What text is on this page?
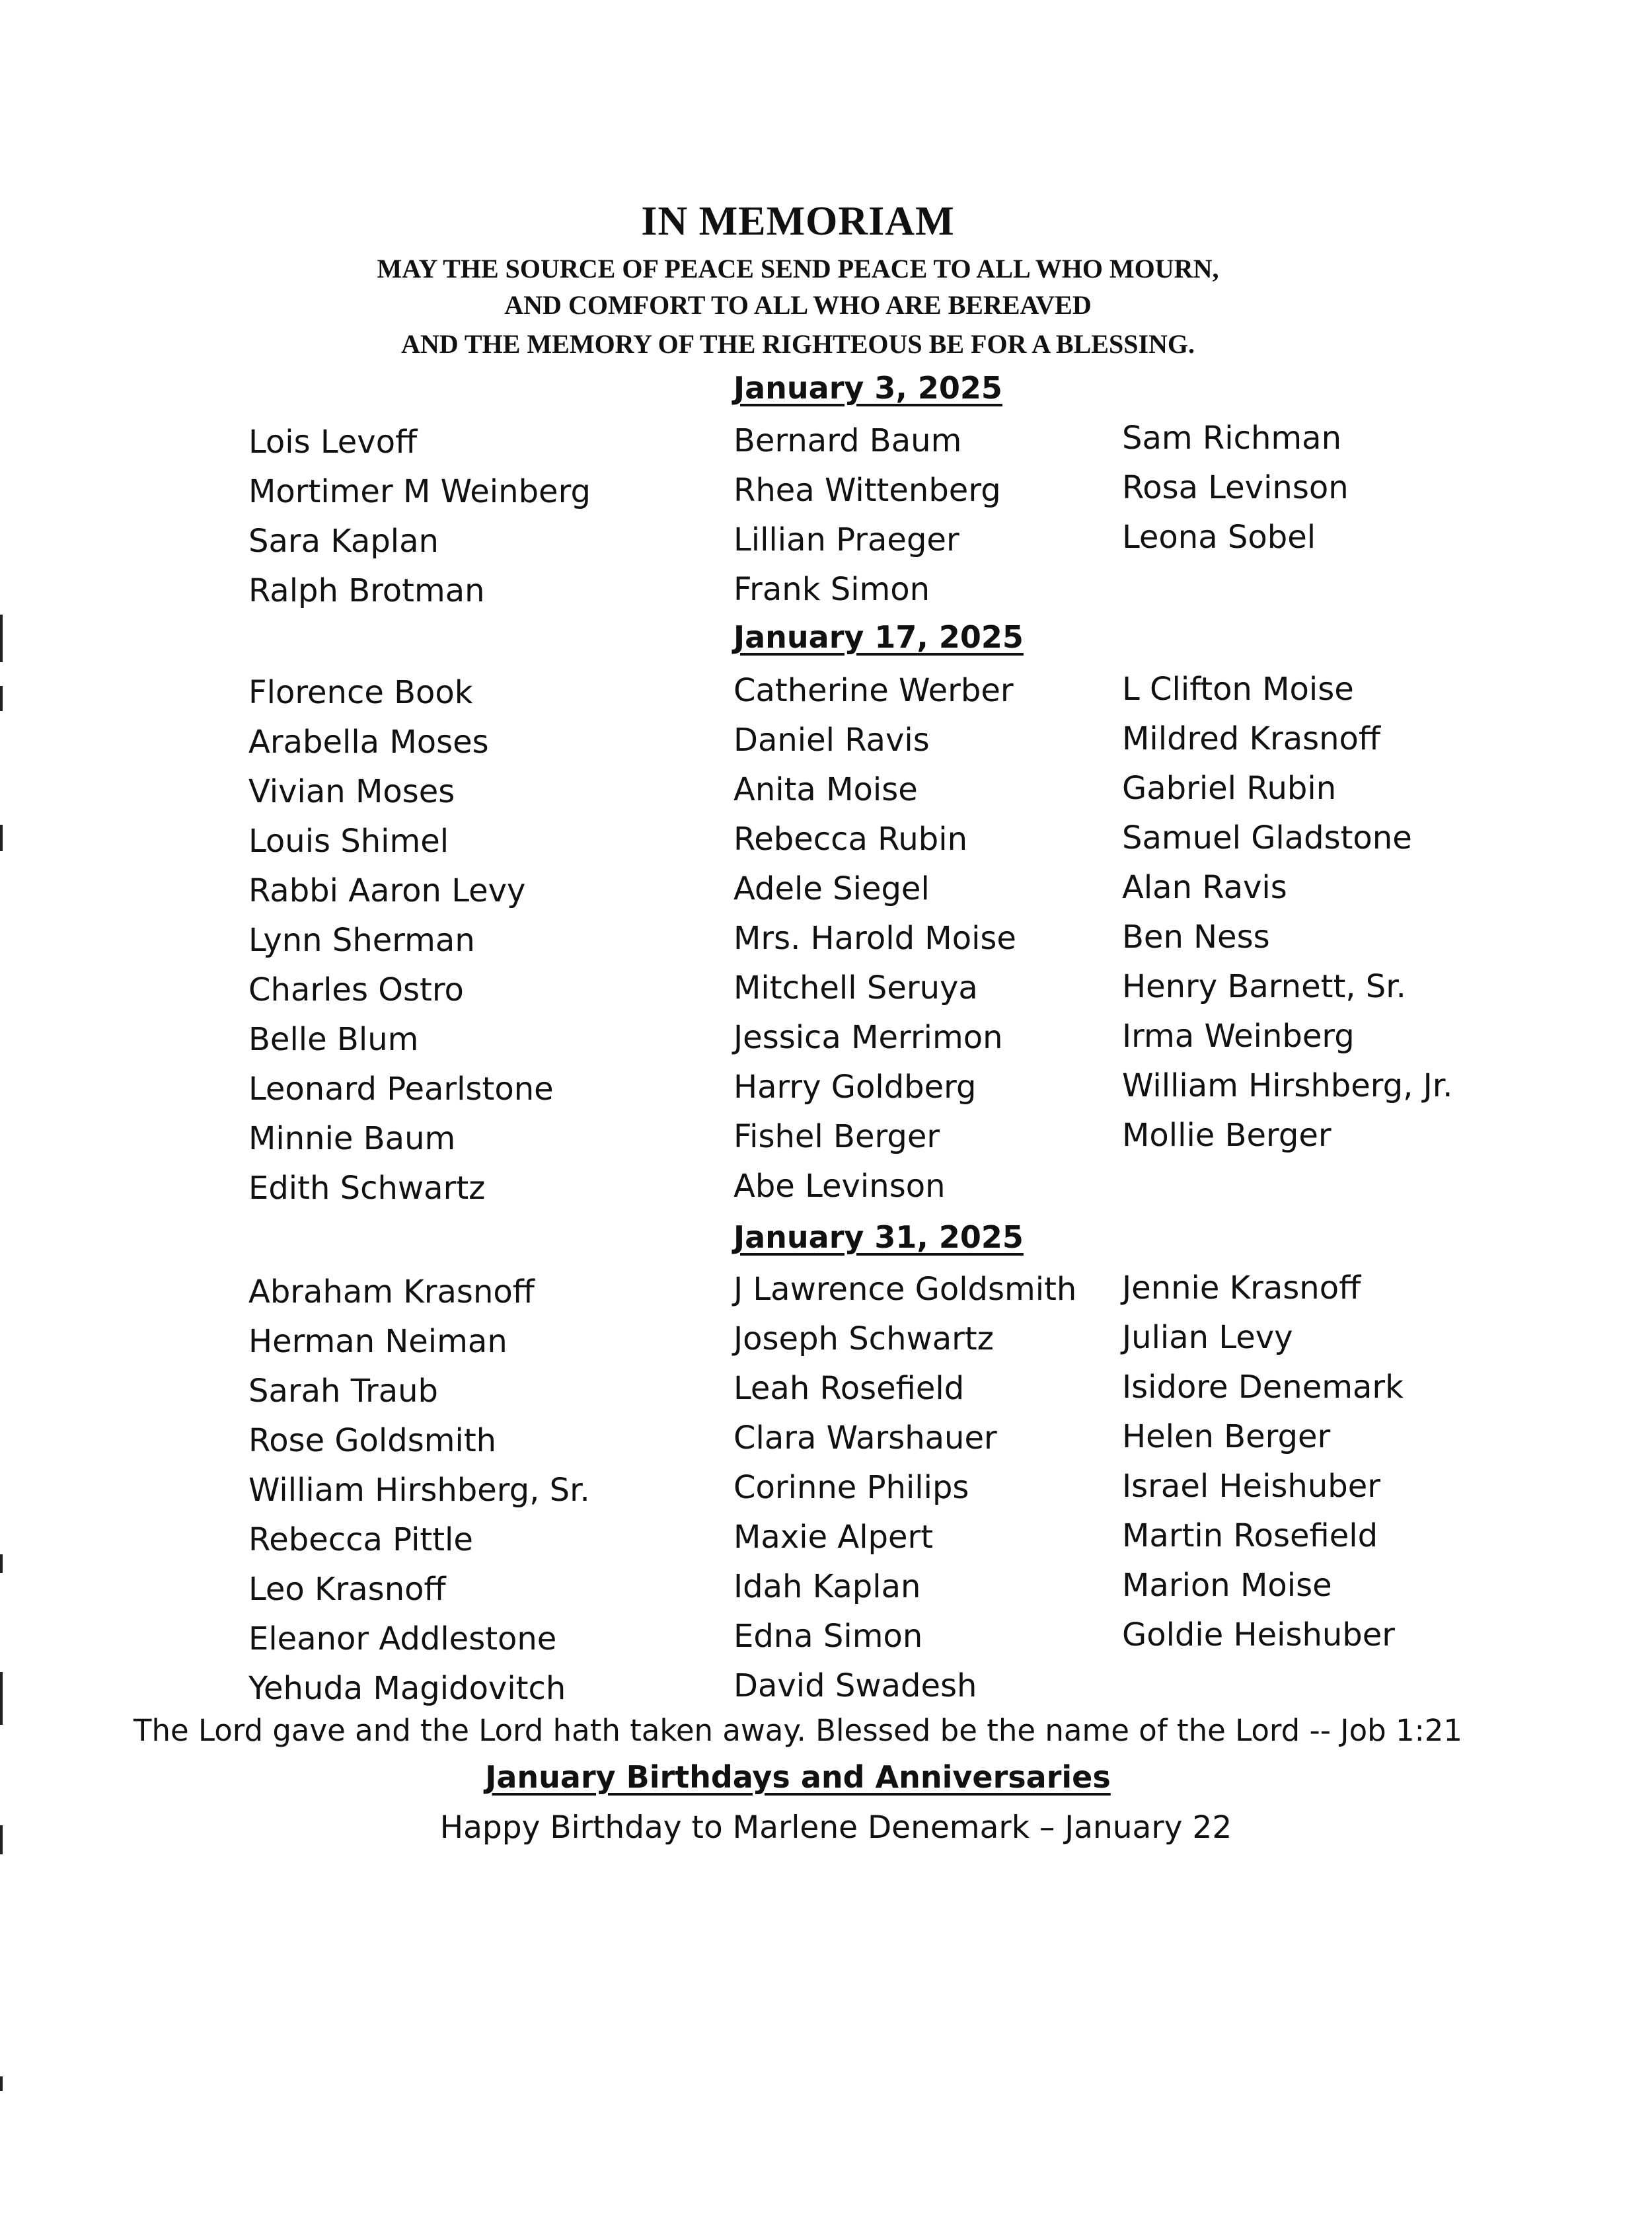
IN MEMORIAM
MAY THE SOURCE OF PEACE SEND PEACE TO ALL WHO MOURN,
AND COMFORT TO ALL WHO ARE BEREAVED
AND THE MEMORY OF THE RIGHTEOUS BE FOR A BLESSING.
January 3, 2025
Lois Levoff
Mortimer M Weinberg
Sara Kaplan
Ralph Brotman
Bernard Baum
Rhea Wittenberg
Lillian Praeger
Frank Simon
Sam Richman
Rosa Levinson
Leona Sobel
January 17, 2025
Florence Book
Arabella Moses
Vivian Moses
Louis Shimel
Rabbi Aaron Levy
Lynn Sherman
Charles Ostro
Belle Blum
Leonard Pearlstone
Minnie Baum
Edith Schwartz
Catherine Werber
Daniel Ravis
Anita Moise
Rebecca Rubin
Adele Siegel
Mrs. Harold Moise
Mitchell Seruya
Jessica Merrimon
Harry Goldberg
Fishel Berger
Abe Levinson
L Clifton Moise
Mildred Krasnoff
Gabriel Rubin
Samuel Gladstone
Alan Ravis
Ben Ness
Henry Barnett, Sr.
Irma Weinberg
William Hirshberg, Jr.
Mollie Berger
January 31, 2025
Abraham Krasnoff
Herman Neiman
Sarah Traub
Rose Goldsmith
William Hirshberg, Sr.
Rebecca Pittle
Leo Krasnoff
Eleanor Addlestone
Yehuda Magidovitch
J Lawrence Goldsmith
Joseph Schwartz
Leah Rosefield
Clara Warshauer
Corinne Philips
Maxie Alpert
Idah Kaplan
Edna Simon
David Swadesh
Jennie Krasnoff
Julian Levy
Isidore Denemark
Helen Berger
Israel Heishuber
Martin Rosefield
Marion Moise
Goldie Heishuber
The Lord gave and the Lord hath taken away. Blessed be the name of the Lord -- Job 1:21
January Birthdays and Anniversaries
Happy Birthday to Marlene Denemark – January 22
